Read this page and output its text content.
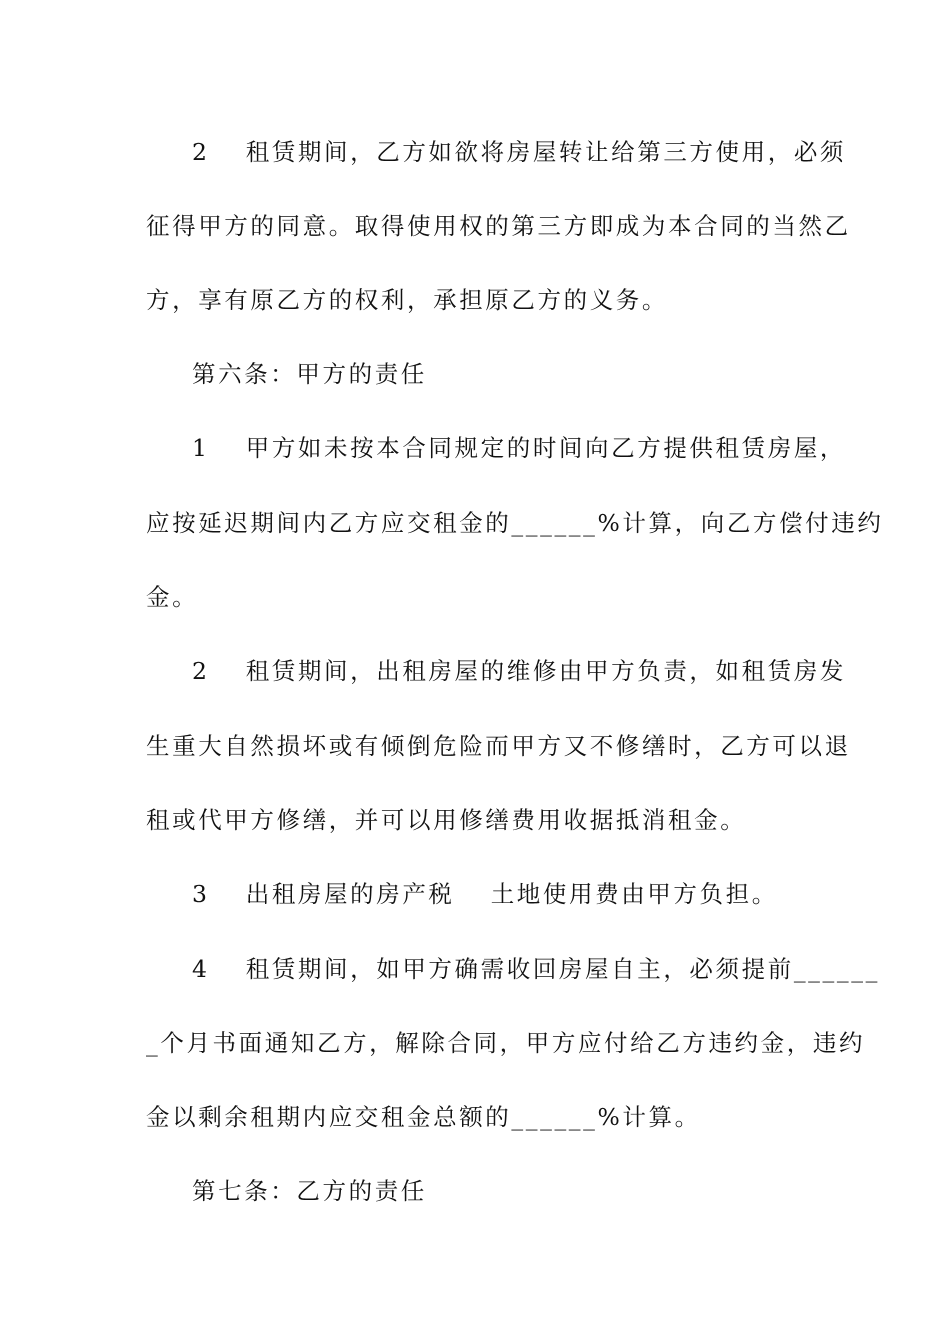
2　 租赁期间，乙方如欲将房屋转让给第三方使用，必须
征得甲方的同意。取得使用权的第三方即成为本合同的当然乙
方，享有原乙方的权利，承担原乙方的义务。
第六条：甲方的责任
1　 甲方如未按本合同规定的时间向乙方提供租赁房屋，
应按延迟期间内乙方应交租金的______%计算，向乙方偿付违约
金。
2　 租赁期间，出租房屋的维修由甲方负责，如租赁房发
生重大自然损坏或有倾倒危险而甲方又不修缮时，乙方可以退
租或代甲方修缮，并可以用修缮费用收据抵消租金。
3　 出租房屋的房产税　 土地使用费由甲方负担。
4　 租赁期间，如甲方确需收回房屋自主，必须提前______
_个月书面通知乙方，解除合同，甲方应付给乙方违约金，违约
金以剩余租期内应交租金总额的______%计算。
第七条：乙方的责任
